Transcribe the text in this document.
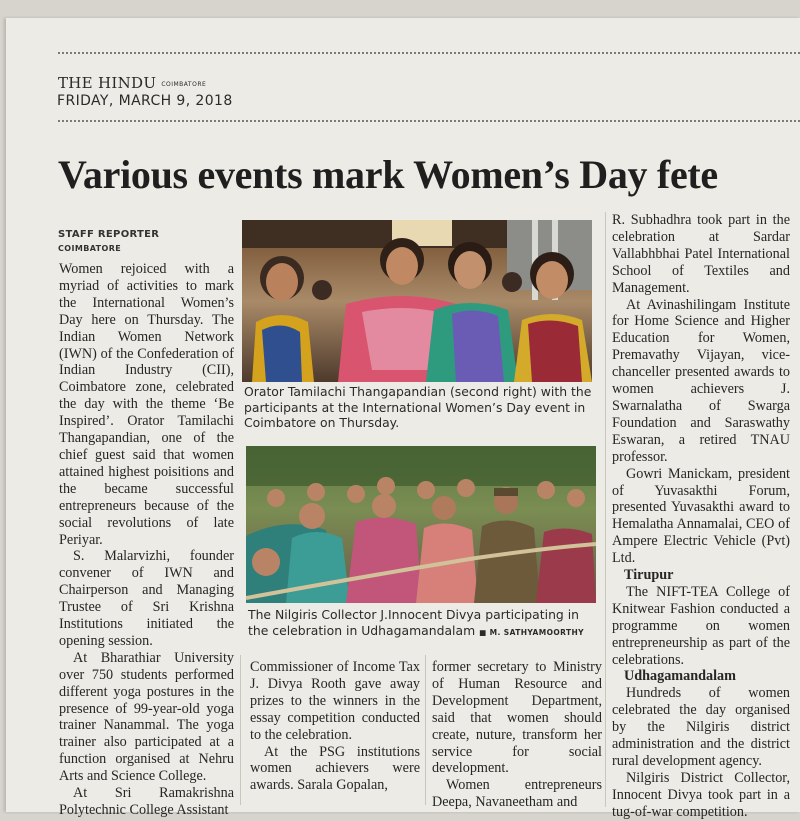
THE HINDU COIMBATORE
FRIDAY, MARCH 9, 2018
Various events mark Women’s Day fete
STAFF REPORTER
COIMBATORE

Women rejoiced with a myriad of activities to mark the International Women’s Day here on Thursday. The Indian Women Network (IWN) of the Confederation of Indian Industry (CII), Coimbatore zone, celebrated the day with the theme ‘Be Inspired’. Orator Tamilachi Thangapandian, one of the chief guest said that women attained highest poisitions and the became successful entrepreneurs because of the social revolutions of late Periyar.

S. Malarvizhi, founder convener of IWN and Chairperson and Managing Trustee of Sri Krishna Institutions initiated the opening session.

At Bharathiar University over 750 students performed different yoga postures in the presence of 99-year-old yoga trainer Nanammal. The yoga trainer also participated at a function organised at Nehru Arts and Science College.

At Sri Ramakrishna Polytechnic College Assistant

Orator Tamilachi Thangapandian (second right) with the participants at the International Women’s Day event in Coimbatore on Thursday.
The Nilgiris Collector J.Innocent Divya participating in the celebration in Udhagamandalam ■ M. SATHYAMOORTHY

Commissioner of Income Tax J. Divya Rooth gave away prizes to the winners in the essay competition conducted to the celebration.

At the PSG institutions women achievers were awards. Sarala Gopalan,

former secretary to Ministry of Human Resource and Development Department, said that women should create, nuture, transform her service for social development.

Women entrepreneurs Deepa, Navaneetham and

R. Subhadhra took part in the celebration at Sardar Vallabhbhai Patel International School of Textiles and Management.

At Avinashilingam Institute for Home Science and Higher Education for Women, Premavathy Vijayan, vice- chanceller presented awards to women achievers J. Swarnalatha of Swarga Foundation and Saraswathy Eswaran, a retired TNAU professor.

Gowri Manickam, president of Yuvasakthi Forum, presented Yuvasakthi award to Hemalatha Annamalai, CEO of Ampere Electric Vehicle (Pvt) Ltd.

Tirupur

The NIFT-TEA College of Knitwear Fashion conducted a programme on women entrepreneurship as part of the celebrations.

Udhagamandalam

Hundreds of women celebrated the day organised by the Nilgiris district administration and the district rural development agency.

Nilgiris District Collector, Innocent Divya took part in a tug-of-war competition.
